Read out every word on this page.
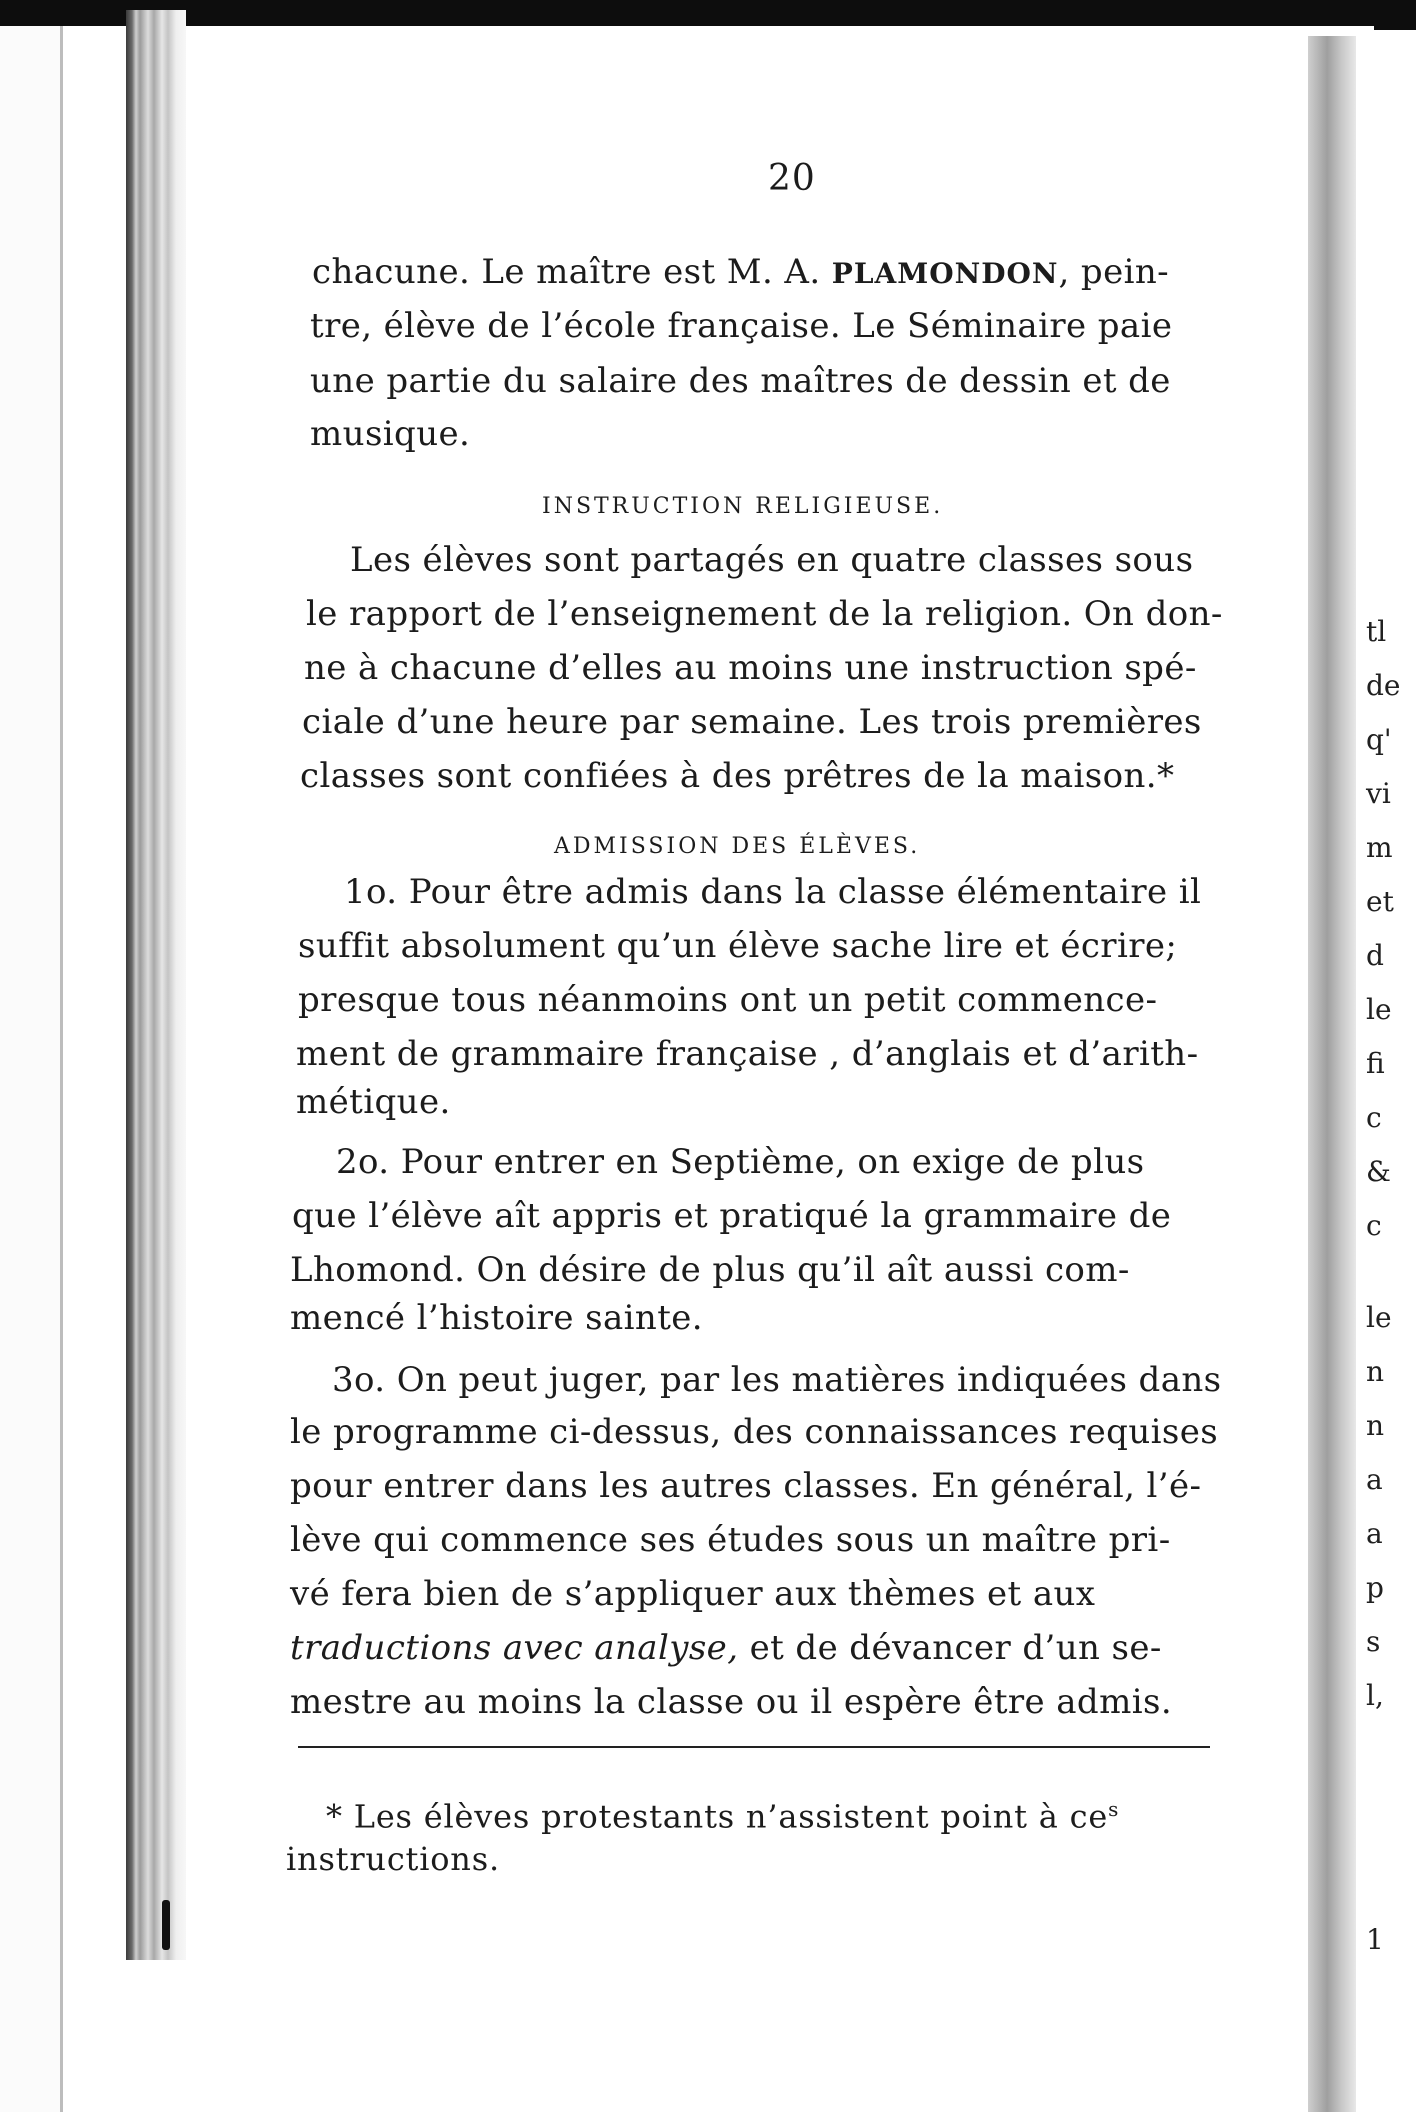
tl
de
q'
vi
m
et
d
le
fi
c
&
c
le
n
n
a
a
p
s
l,
1
20
chacune. Le maître est M. A. PLAMONDON, pein-
tre, élève de l’école française. Le Séminaire paie
une partie du salaire des maîtres de dessin et de
musique.
INSTRUCTION RELIGIEUSE.
Les élèves sont partagés en quatre classes sous
le rapport de l’enseignement de la religion. On don-
ne à chacune d’elles au moins une instruction spé-
ciale d’une heure par semaine. Les trois premières
classes sont confiées à des prêtres de la maison.*
ADMISSION DES ÉLÈVES.
1o. Pour être admis dans la classe élémentaire il
suffit absolument qu’un élève sache lire et écrire;
presque tous néanmoins ont un petit commence-
ment de grammaire française , d’anglais et d’arith-
métique.
2o. Pour entrer en Septième, on exige de plus
que l’élève aît appris et pratiqué la grammaire de
Lhomond. On désire de plus qu’il aît aussi com-
mencé l’histoire sainte.
3o. On peut juger, par les matières indiquées dans
le programme ci-dessus, des connaissances requises
pour entrer dans les autres classes. En général, l’é-
lève qui commence ses études sous un maître pri-
vé fera bien de s’appliquer aux thèmes et aux
traductions avec analyse, et de dévancer d’un se-
mestre au moins la classe ou il espère être admis.
* Les élèves protestants n’assistent point à $ce^s$
instructions.
